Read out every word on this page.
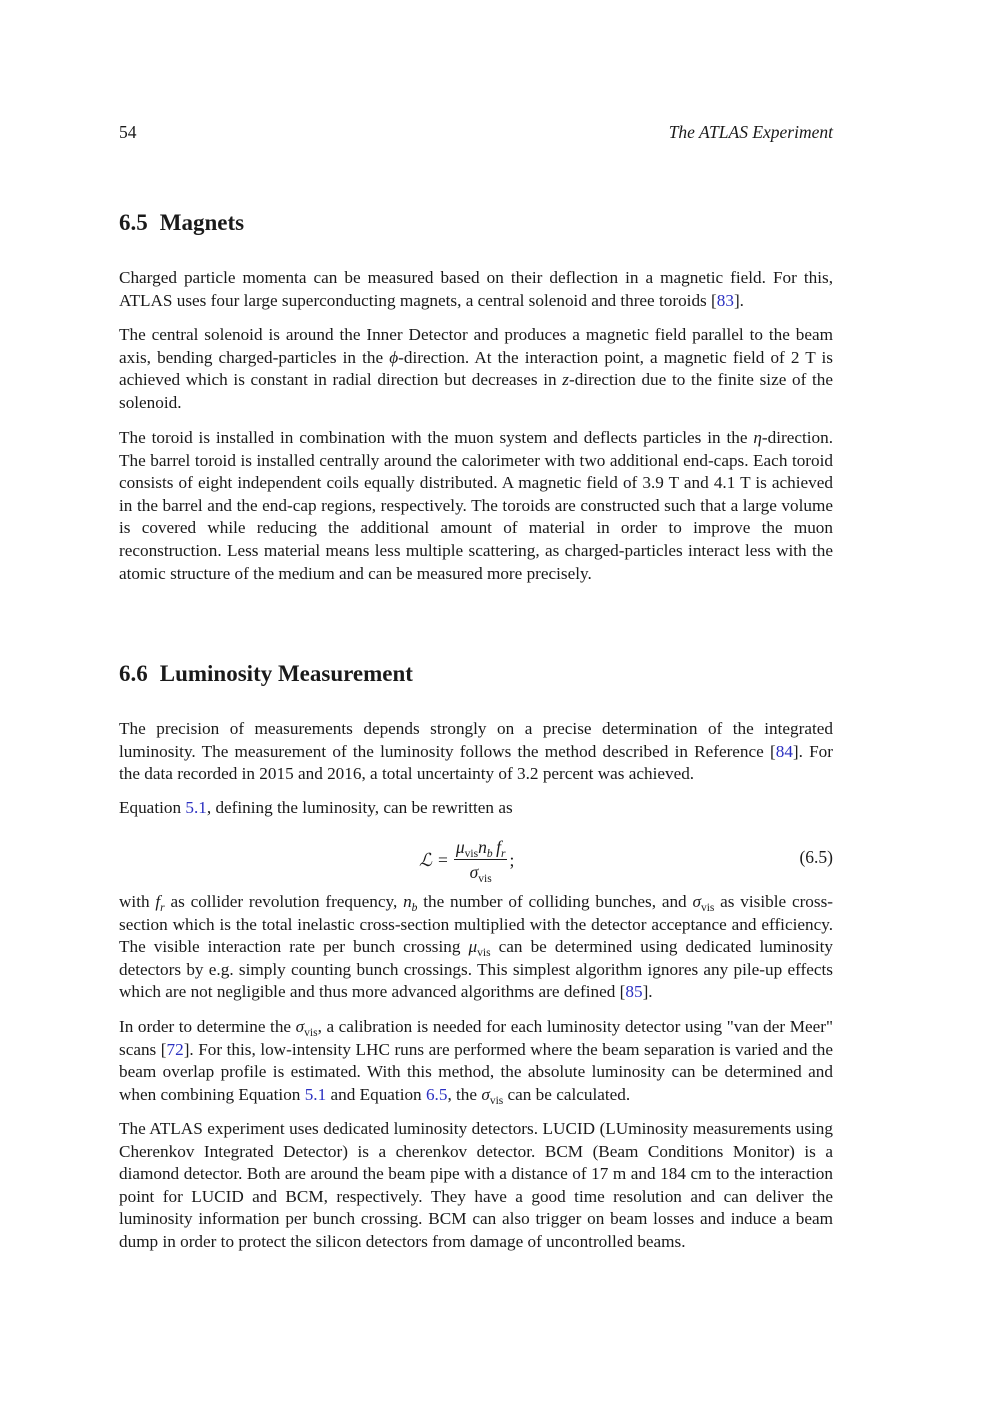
54	The ATLAS Experiment
6.5 Magnets

Charged particle momenta can be measured based on their deflection in a magnetic field. For this, ATLAS uses four large superconducting magnets, a central solenoid and three toroids [83].

The central solenoid is around the Inner Detector and produces a magnetic field parallel to the beam axis, bending charged-particles in the ϕ-direction. At the interaction point, a magnetic field of 2 T is achieved which is constant in radial direction but decreases in z-direction due to the finite size of the solenoid.

The toroid is installed in combination with the muon system and deflects particles in the η-direction. The barrel toroid is installed centrally around the calorimeter with two additional end-caps. Each toroid consists of eight independent coils equally distributed. A magnetic field of 3.9 T and 4.1 T is achieved in the barrel and the end-cap regions, respectively. The toroids are constructed such that a large volume is covered while reducing the additional amount of material in order to improve the muon reconstruction. Less material means less multiple scattering, as charged-particles interact less with the atomic structure of the medium and can be measured more precisely.

6.6 Luminosity Measurement

The precision of measurements depends strongly on a precise determination of the integrated luminosity. The measurement of the luminosity follows the method described in Reference [84]. For the data recorded in 2015 and 2016, a total uncertainty of 3.2 percent was achieved.

Equation 5.1, defining the luminosity, can be rewritten as

ℒ = $\frac{\mu_{vis}n_b f_r}{\sigma_{vis}}$ ;	(6.5)

with $f_r$ as collider revolution frequency, $n_b$ the number of colliding bunches, and $\sigma_{vis}$ as visible cross-section which is the total inelastic cross-section multiplied with the detector acceptance and efficiency. The visible interaction rate per bunch crossing $\mu_{vis}$ can be determined using dedicated luminosity detectors by e.g. simply counting bunch crossings. This simplest algorithm ignores any pile-up effects which are not negligible and thus more advanced algorithms are defined [85].

In order to determine the $\sigma_{vis}$, a calibration is needed for each luminosity detector using "van der Meer" scans [72]. For this, low-intensity LHC runs are performed where the beam separation is varied and the beam overlap profile is estimated. With this method, the absolute luminosity can be determined and when combining Equation 5.1 and Equation 6.5, the $\sigma_{vis}$ can be calculated.

The ATLAS experiment uses dedicated luminosity detectors. LUCID (LUminosity measurements using Cherenkov Integrated Detector) is a cherenkov detector. BCM (Beam Conditions Monitor) is a diamond detector. Both are around the beam pipe with a distance of 17 m and 184 cm to the interaction point for LUCID and BCM, respectively. They have a good time resolution and can deliver the luminosity information per bunch crossing. BCM can also trigger on beam losses and induce a beam dump in order to protect the silicon detectors from damage of uncontrolled beams.
